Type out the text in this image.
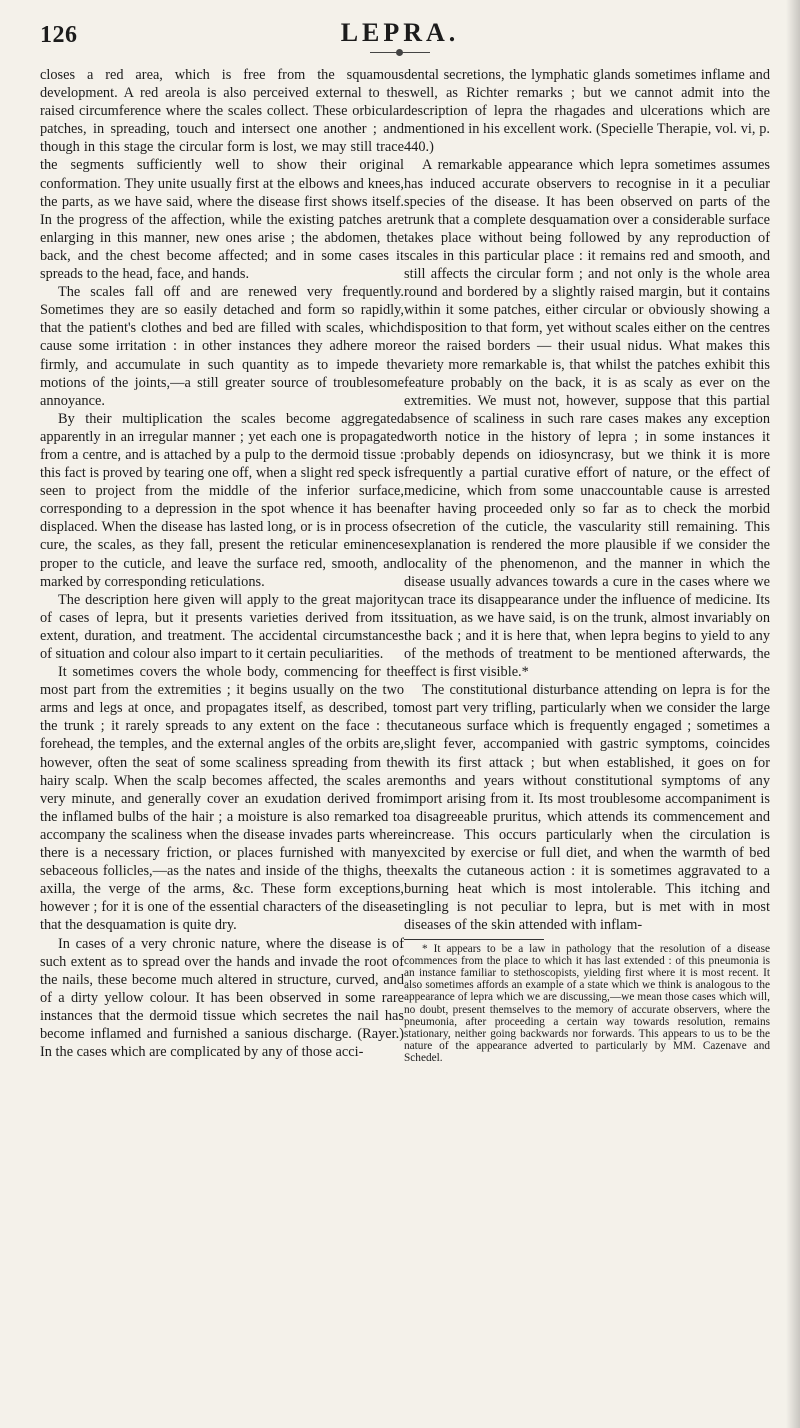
126	LEPRA.

closes a red area, which is free from the squamous development. A red areola is also perceived external to the raised circumference where the scales collect. These orbicular patches, in spreading, touch and intersect one another ; and though in this stage the circular form is lost, we may still trace the segments sufficiently well to show their original conformation. They unite usually first at the elbows and knees, the parts, as we have said, where the disease first shows itself. In the progress of the affection, while the existing patches are enlarging in this manner, new ones arise ; the abdomen, the back, and the chest become affected; and in some cases it spreads to the head, face, and hands.

The scales fall off and are renewed very frequently. Sometimes they are so easily detached and form so rapidly, that the patient's clothes and bed are filled with scales, which cause some irritation : in other instances they adhere more firmly, and accumulate in such quantity as to impede the motions of the joints,—a still greater source of troublesome annoyance.

By their multiplication the scales become aggregated apparently in an irregular manner ; yet each one is propagated from a centre, and is attached by a pulp to the dermoid tissue : this fact is proved by tearing one off, when a slight red speck is seen to project from the middle of the inferior surface, corresponding to a depression in the spot whence it has been displaced. When the disease has lasted long, or is in process of cure, the scales, as they fall, present the reticular eminences proper to the cuticle, and leave the surface red, smooth, and marked by corresponding reticulations.

The description here given will apply to the great majority of cases of lepra, but it presents varieties derived from its extent, duration, and treatment. The accidental circumstances of situation and colour also impart to it certain peculiarities.

It sometimes covers the whole body, commencing for the most part from the extremities ; it begins usually on the two arms and legs at once, and propagates itself, as described, to the trunk ; it rarely spreads to any extent on the face : the forehead, the temples, and the external angles of the orbits are, however, often the seat of some scaliness spreading from the hairy scalp. When the scalp becomes affected, the scales are very minute, and generally cover an exudation derived from the inflamed bulbs of the hair ; a moisture is also remarked to accompany the scaliness when the disease invades parts where there is a necessary friction, or places furnished with many sebaceous follicles,—as the nates and inside of the thighs, the axilla, the verge of the arms, &c. These form exceptions, however ; for it is one of the essential characters of the disease that the desquamation is quite dry.

In cases of a very chronic nature, where the disease is of such extent as to spread over the hands and invade the root of the nails, these become much altered in structure, curved, and of a dirty yellow colour. It has been observed in some rare instances that the dermoid tissue which secretes the nail has become inflamed and furnished a sanious discharge. (Rayer.) In the cases which are complicated by any of those acci-

dental secretions, the lymphatic glands sometimes inflame and swell, as Richter remarks ; but we cannot admit into the description of lepra the rhagades and ulcerations which are mentioned in his excellent work. (Specielle Therapie, vol. vi, p. 440.)

A remarkable appearance which lepra sometimes assumes has induced accurate observers to recognise in it a peculiar species of the disease. It has been observed on parts of the trunk that a complete desquamation over a considerable surface takes place without being followed by any reproduction of scales in this particular place : it remains red and smooth, and still affects the circular form ; and not only is the whole area round and bordered by a slightly raised margin, but it contains within it some patches, either circular or obviously showing a disposition to that form, yet without scales either on the centres or the raised borders — their usual nidus. What makes this variety more remarkable is, that whilst the patches exhibit this feature probably on the back, it is as scaly as ever on the extremities. We must not, however, suppose that this partial absence of scaliness in such rare cases makes any exception worth notice in the history of lepra ; in some instances it probably depends on idiosyncrasy, but we think it is more frequently a partial curative effort of nature, or the effect of medicine, which from some unaccountable cause is arrested after having proceeded only so far as to check the morbid secretion of the cuticle, the vascularity still remaining. This explanation is rendered the more plausible if we consider the locality of the phenomenon, and the manner in which the disease usually advances towards a cure in the cases where we can trace its disappearance under the influence of medicine. Its situation, as we have said, is on the trunk, almost invariably on the back ; and it is here that, when lepra begins to yield to any of the methods of treatment to be mentioned afterwards, the effect is first visible.*

The constitutional disturbance attending on lepra is for the most part very trifling, particularly when we consider the large cutaneous surface which is frequently engaged ; sometimes a slight fever, accompanied with gastric symptoms, coincides with its first attack ; but when established, it goes on for months and years without constitutional symptoms of any import arising from it. Its most troublesome accompaniment is a disagreeable pruritus, which attends its commencement and increase. This occurs particularly when the circulation is excited by exercise or full diet, and when the warmth of bed exalts the cutaneous action : it is sometimes aggravated to a burning heat which is most intolerable. This itching and tingling is not peculiar to lepra, but is met with in most diseases of the skin attended with inflam-

* It appears to be a law in pathology that the resolution of a disease commences from the place to which it has last extended : of this pneumonia is an instance familiar to stethoscopists, yielding first where it is most recent. It also sometimes affords an example of a state which we think is analogous to the appearance of lepra which we are discussing,—we mean those cases which will, no doubt, present themselves to the memory of accurate observers, where the pneumonia, after proceeding a certain way towards resolution, remains stationary, neither going backwards nor forwards. This appears to us to be the nature of the appearance adverted to particularly by MM. Cazenave and Schedel.
